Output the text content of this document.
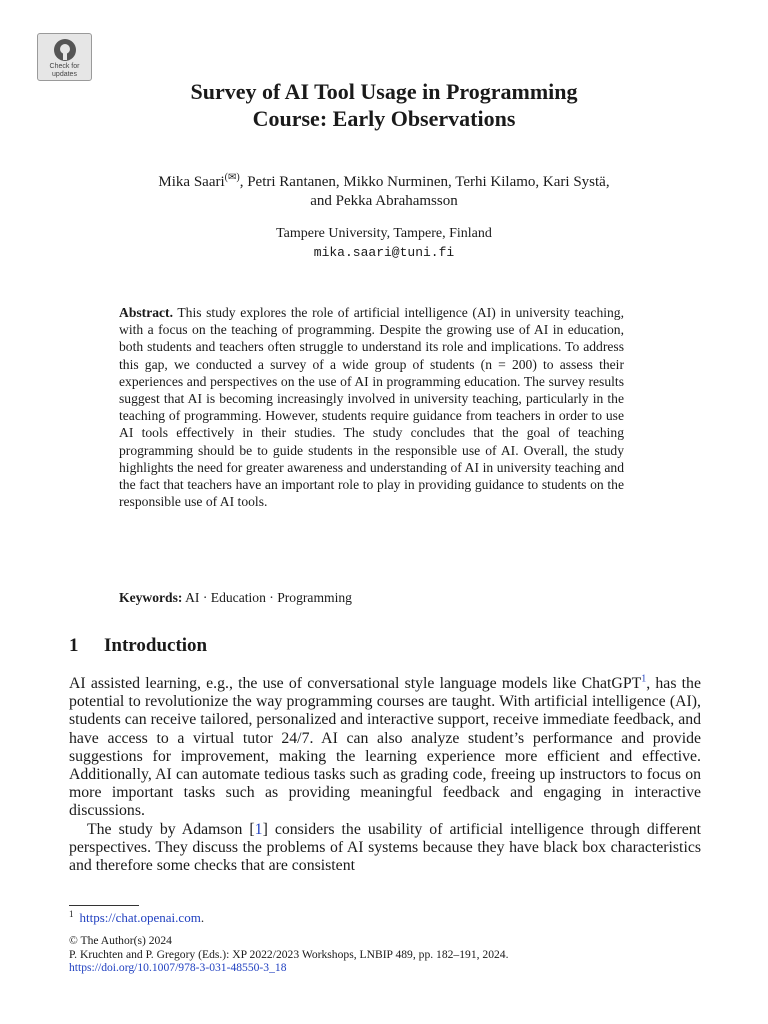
Check for
updates
Survey of AI Tool Usage in Programming
Course: Early Observations
Mika Saari(✉), Petri Rantanen, Mikko Nurminen, Terhi Kilamo, Kari Systä,
and Pekka Abrahamsson
Tampere University, Tampere, Finland
mika.saari@tuni.fi

Abstract. This study explores the role of artificial intelligence (AI) in university teaching, with a focus on the teaching of programming. Despite the growing use of AI in education, both students and teachers often struggle to understand its role and implications. To address this gap, we conducted a survey of a wide group of students (n = 200) to assess their experiences and perspectives on the use of AI in programming education. The survey results suggest that AI is becoming increasingly involved in university teaching, particularly in the teaching of programming. However, students require guidance from teachers in order to use AI tools effectively in their studies. The study concludes that the goal of teaching programming should be to guide students in the responsible use of AI. Overall, the study highlights the need for greater awareness and understanding of AI in university teaching and the fact that teachers have an important role to play in providing guidance to students on the responsible use of AI tools.

Keywords: AI · Education · Programming

1 Introduction

AI assisted learning, e.g., the use of conversational style language models like ChatGPT$^1$, has the potential to revolutionize the way programming courses are taught. With artificial intelligence (AI), students can receive tailored, personalized and interactive support, receive immediate feedback, and have access to a virtual tutor 24/7. AI can also analyze student’s performance and provide suggestions for improvement, making the learning experience more efficient and effective. Additionally, AI can automate tedious tasks such as grading code, freeing up instructors to focus on more important tasks such as providing meaningful feedback and engaging in interactive discussions.

The study by Adamson [1] considers the usability of artificial intelligence through different perspectives. They discuss the problems of AI systems because they have black box characteristics and therefore some checks that are consistent

$^1$ https://chat.openai.com.

© The Author(s) 2024
P. Kruchten and P. Gregory (Eds.): XP 2022/2023 Workshops, LNBIP 489, pp. 182–191, 2024.
https://doi.org/10.1007/978-3-031-48550-3_18
